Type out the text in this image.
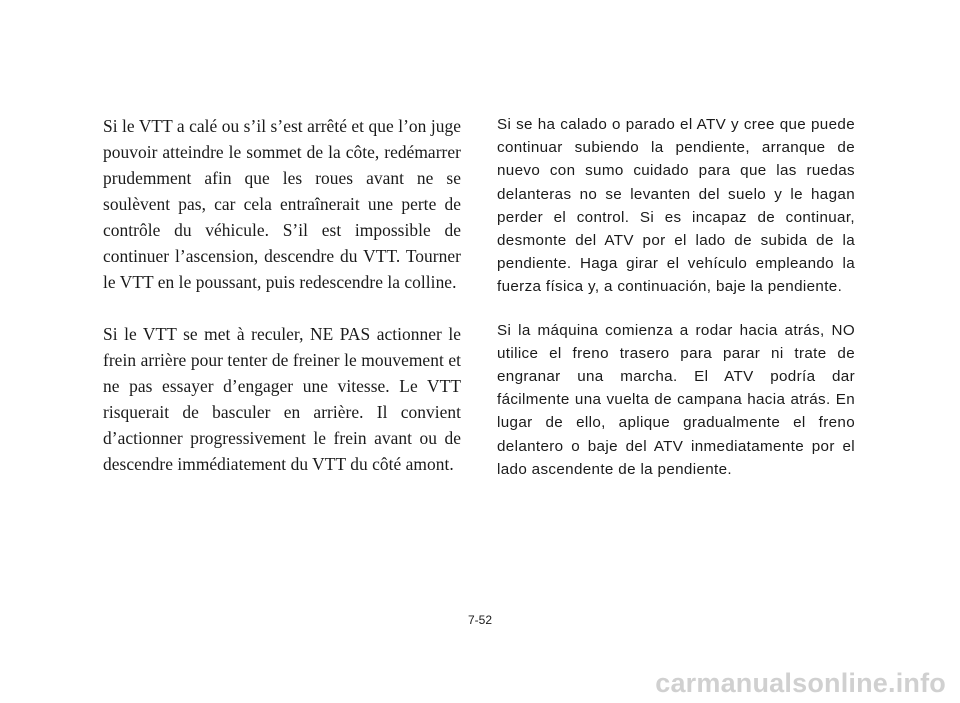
Si le VTT a calé ou s’il s’est arrêté et que l’on juge pouvoir atteindre le sommet de la côte, redémarrer prudemment afin que les roues avant ne se soulèvent pas, car cela entraînerait une perte de contrôle du véhicule. S’il est impossible de continuer l’ascension, descendre du VTT. Tourner le VTT en le poussant, puis redescendre la colline.

Si le VTT se met à reculer, NE PAS actionner le frein arrière pour tenter de freiner le mouvement et ne pas essayer d’engager une vitesse. Le VTT risquerait de basculer en arrière. Il convient d’actionner progressivement le frein avant ou de descendre immédiatement du VTT du côté amont.

Si se ha calado o parado el ATV y cree que puede continuar subiendo la pendiente, arranque de nuevo con sumo cuidado para que las ruedas delanteras no se levanten del suelo y le hagan perder el control. Si es incapaz de continuar, desmonte del ATV por el lado de subida de la pendiente. Haga girar el vehículo empleando la fuerza física y, a continuación, baje la pendiente.

Si la máquina comienza a rodar hacia atrás, NO utilice el freno trasero para parar ni trate de engranar una marcha. El ATV podría dar fácilmente una vuelta de campana hacia atrás. En lugar de ello, aplique gradualmente el freno delantero o baje del ATV inmediatamente por el lado ascendente de la pendiente.

7-52
carmanualsonline.info
